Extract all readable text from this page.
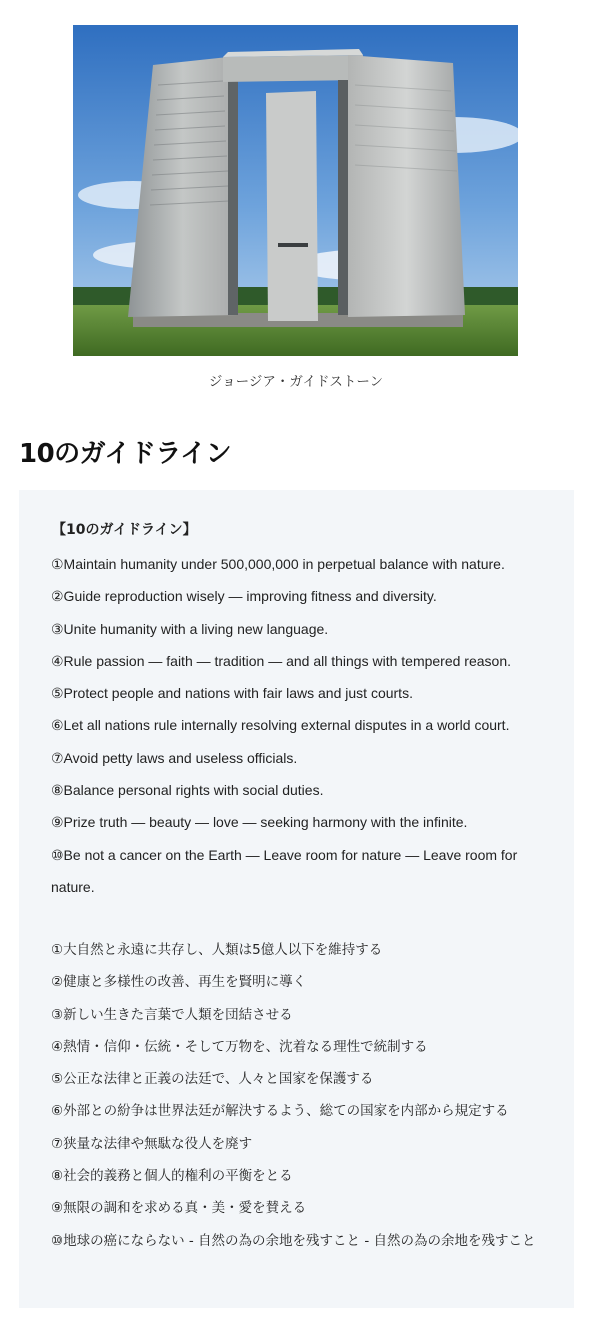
ジョージア・ガイドストーン
10のガイドライン
【10のガイドライン】
①Maintain humanity under 500,000,000 in perpetual balance with nature.
②Guide reproduction wisely — improving fitness and diversity.
③Unite humanity with a living new language.
④Rule passion — faith — tradition — and all things with tempered reason.
⑤Protect people and nations with fair laws and just courts.
⑥Let all nations rule internally resolving external disputes in a world court.
⑦Avoid petty laws and useless officials.
⑧Balance personal rights with social duties.
⑨Prize truth — beauty — love — seeking harmony with the infinite.
⑩Be not a cancer on the Earth — Leave room for nature — Leave room for nature.
①大自然と永遠に共存し、人類は5億人以下を維持する
②健康と多様性の改善、再生を賢明に導く
③新しい生きた言葉で人類を団結させる
④熱情・信仰・伝統・そして万物を、沈着なる理性で統制する
⑤公正な法律と正義の法廷で、人々と国家を保護する
⑥外部との紛争は世界法廷が解決するよう、総ての国家を内部から規定する
⑦狭量な法律や無駄な役人を廃す
⑧社会的義務と個人的権利の平衡をとる
⑨無限の調和を求める真・美・愛を賛える
⑩地球の癌にならない - 自然の為の余地を残すこと - 自然の為の余地を残すこと
